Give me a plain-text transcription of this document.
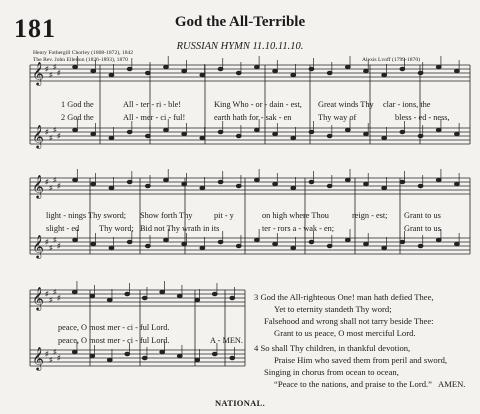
181	God the All-Terrible
RUSSIAN HYMN 11.10.11.10.
Henry Fothergill Chorley (1808-1872), 1842
The Rev. John Ellerton (1826-1893), 1870	Alexis Lvoff (1799-1870)
𝄞 ♯
♯
♯
♯
𝄞 ♯
♯
♯
♯
𝄞 ♯
♯
♯
♯
𝄞 ♯
♯
♯
♯
𝄞 ♯
♯
♯
♯
𝄞 ♯
♯
♯
♯
1 God the	All - ter - ri - ble!	King Who - or - dain - est, Great winds Thy clar - ions, the
2 God the	All - mer - ci - ful!	earth hath for - sak - en	Thy way of	bless - ed - ness,
light - nings Thy sword; Show forth Thy	pit - y	on high where Thou	reign - est; Grant to us
slight - ed Thy word; Bid not Thy wrath in its	ter - rors a - wak - en;	Grant to us
peace, O most mer - ci - ful Lord.
peace, O most mer - ci - ful Lord.	A - MEN.
3 God the All-righteous One! man hath defied Thee,
Yet to eternity standeth Thy word;
Falsehood and wrong shall not tarry beside Thee:
Grant to us peace, O most merciful Lord.
4 So shall Thy children, in thankful devotion,
Praise Him who saved them from peril and sword,
Singing in chorus from ocean to ocean,
“Peace to the nations, and praise to the Lord.” AMEN.
NATIONAL.
